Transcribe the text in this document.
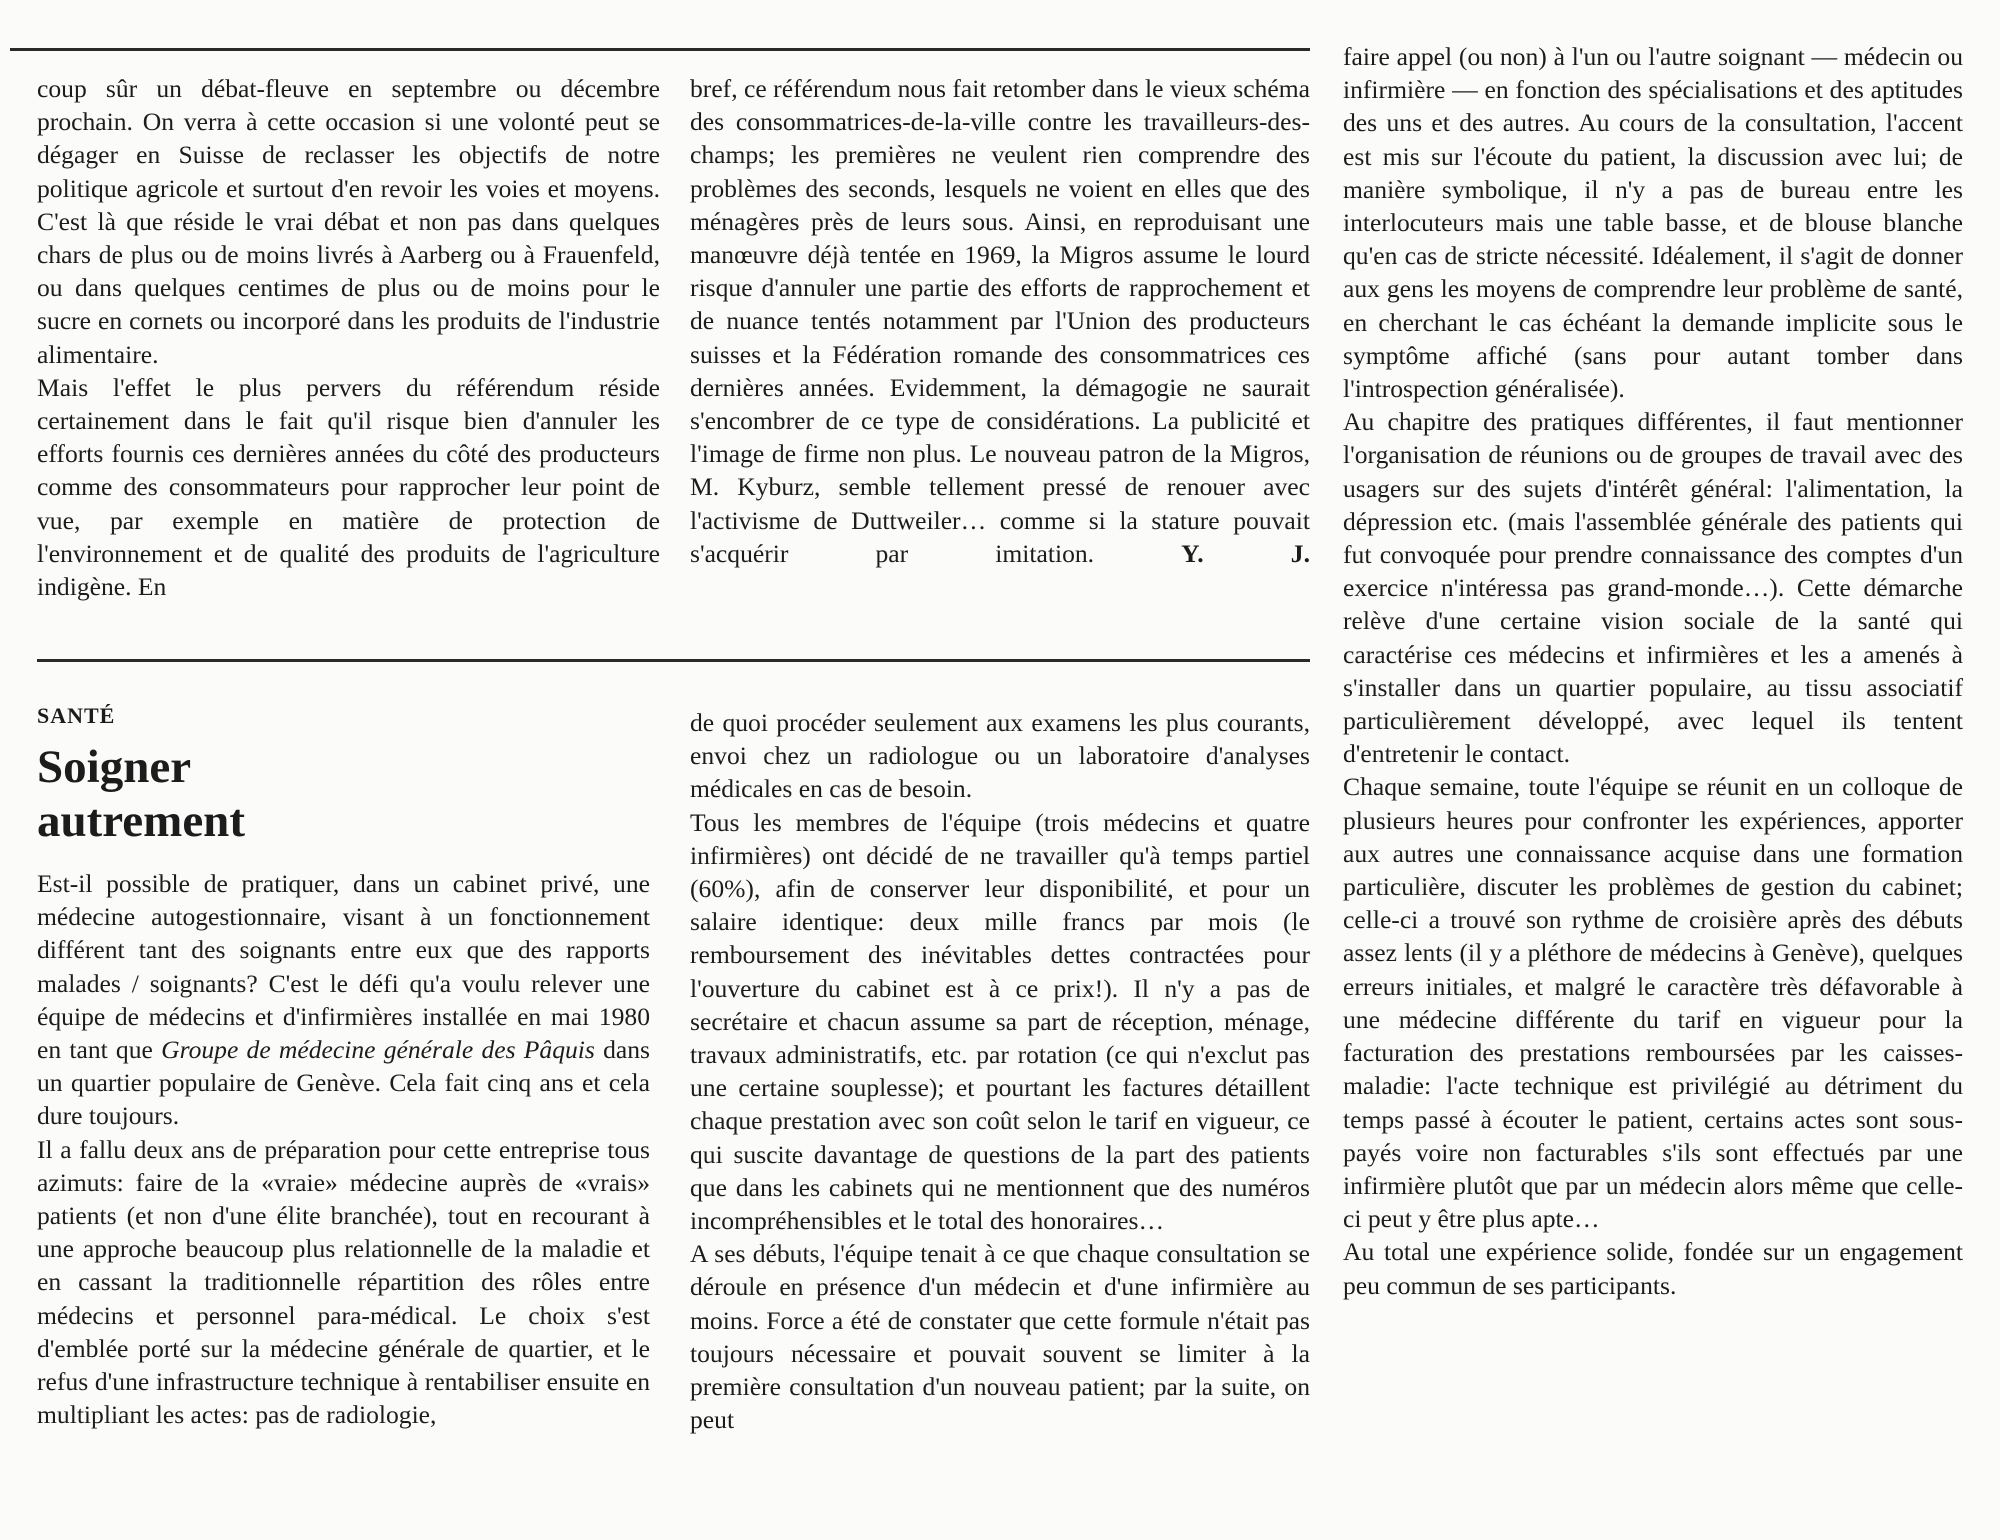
coup sûr un débat-fleuve en septembre ou décembre prochain. On verra à cette occasion si une volonté peut se dégager en Suisse de reclasser les objectifs de notre politique agricole et surtout d'en revoir les voies et moyens. C'est là que réside le vrai débat et non pas dans quelques chars de plus ou de moins livrés à Aarberg ou à Frauenfeld, ou dans quelques centimes de plus ou de moins pour le sucre en cornets ou incorporé dans les produits de l'industrie alimentaire.

Mais l'effet le plus pervers du référendum réside certainement dans le fait qu'il risque bien d'annuler les efforts fournis ces dernières années du côté des producteurs comme des consommateurs pour rapprocher leur point de vue, par exemple en matière de protection de l'environnement et de qualité des produits de l'agriculture indigène. En

bref, ce référendum nous fait retomber dans le vieux schéma des consommatrices-de-la-ville contre les travailleurs-des-champs; les premières ne veulent rien comprendre des problèmes des seconds, lesquels ne voient en elles que des ménagères près de leurs sous. Ainsi, en reproduisant une manœuvre déjà tentée en 1969, la Migros assume le lourd risque d'annuler une partie des efforts de rapprochement et de nuance tentés notamment par l'Union des producteurs suisses et la Fédération romande des consommatrices ces dernières années. Evidemment, la démagogie ne saurait s'encombrer de ce type de considérations. La publicité et l'image de firme non plus. Le nouveau patron de la Migros, M. Kyburz, semble tellement pressé de renouer avec l'activisme de Duttweiler… comme si la stature pouvait s'acquérir par imitation.	Y. J.

SANTÉ
Soigner
autrement

Est-il possible de pratiquer, dans un cabinet privé, une médecine autogestionnaire, visant à un fonctionnement différent tant des soignants entre eux que des rapports malades / soignants? C'est le défi qu'a voulu relever une équipe de médecins et d'infirmières installée en mai 1980 en tant que Groupe de médecine générale des Pâquis dans un quartier populaire de Genève. Cela fait cinq ans et cela dure toujours.

Il a fallu deux ans de préparation pour cette entreprise tous azimuts: faire de la «vraie» médecine auprès de «vrais» patients (et non d'une élite branchée), tout en recourant à une approche beaucoup plus relationnelle de la maladie et en cassant la traditionnelle répartition des rôles entre médecins et personnel para-médical. Le choix s'est d'emblée porté sur la médecine générale de quartier, et le refus d'une infrastructure technique à rentabiliser ensuite en multipliant les actes: pas de radiologie,

de quoi procéder seulement aux examens les plus courants, envoi chez un radiologue ou un laboratoire d'analyses médicales en cas de besoin.

Tous les membres de l'équipe (trois médecins et quatre infirmières) ont décidé de ne travailler qu'à temps partiel (60%), afin de conserver leur disponibilité, et pour un salaire identique: deux mille francs par mois (le remboursement des inévitables dettes contractées pour l'ouverture du cabinet est à ce prix!). Il n'y a pas de secrétaire et chacun assume sa part de réception, ménage, travaux administratifs, etc. par rotation (ce qui n'exclut pas une certaine souplesse); et pourtant les factures détaillent chaque prestation avec son coût selon le tarif en vigueur, ce qui suscite davantage de questions de la part des patients que dans les cabinets qui ne mentionnent que des numéros incompréhensibles et le total des honoraires…

A ses débuts, l'équipe tenait à ce que chaque consultation se déroule en présence d'un médecin et d'une infirmière au moins. Force a été de constater que cette formule n'était pas toujours nécessaire et pouvait souvent se limiter à la première consultation d'un nouveau patient; par la suite, on peut

faire appel (ou non) à l'un ou l'autre soignant — médecin ou infirmière — en fonction des spécialisations et des aptitudes des uns et des autres. Au cours de la consultation, l'accent est mis sur l'écoute du patient, la discussion avec lui; de manière symbolique, il n'y a pas de bureau entre les interlocuteurs mais une table basse, et de blouse blanche qu'en cas de stricte nécessité. Idéalement, il s'agit de donner aux gens les moyens de comprendre leur problème de santé, en cherchant le cas échéant la demande implicite sous le symptôme affiché (sans pour autant tomber dans l'introspection généralisée).

Au chapitre des pratiques différentes, il faut mentionner l'organisation de réunions ou de groupes de travail avec des usagers sur des sujets d'intérêt général: l'alimentation, la dépression etc. (mais l'assemblée générale des patients qui fut convoquée pour prendre connaissance des comptes d'un exercice n'intéressa pas grand-monde…). Cette démarche relève d'une certaine vision sociale de la santé qui caractérise ces médecins et infirmières et les a amenés à s'installer dans un quartier populaire, au tissu associatif particulièrement développé, avec lequel ils tentent d'entretenir le contact.

Chaque semaine, toute l'équipe se réunit en un colloque de plusieurs heures pour confronter les expériences, apporter aux autres une connaissance acquise dans une formation particulière, discuter les problèmes de gestion du cabinet; celle-ci a trouvé son rythme de croisière après des débuts assez lents (il y a pléthore de médecins à Genève), quelques erreurs initiales, et malgré le caractère très défavorable à une médecine différente du tarif en vigueur pour la facturation des prestations remboursées par les caisses-maladie: l'acte technique est privilégié au détriment du temps passé à écouter le patient, certains actes sont sous-payés voire non facturables s'ils sont effectués par une infirmière plutôt que par un médecin alors même que celle-ci peut y être plus apte…

Au total une expérience solide, fondée sur un engagement peu commun de ses participants.
